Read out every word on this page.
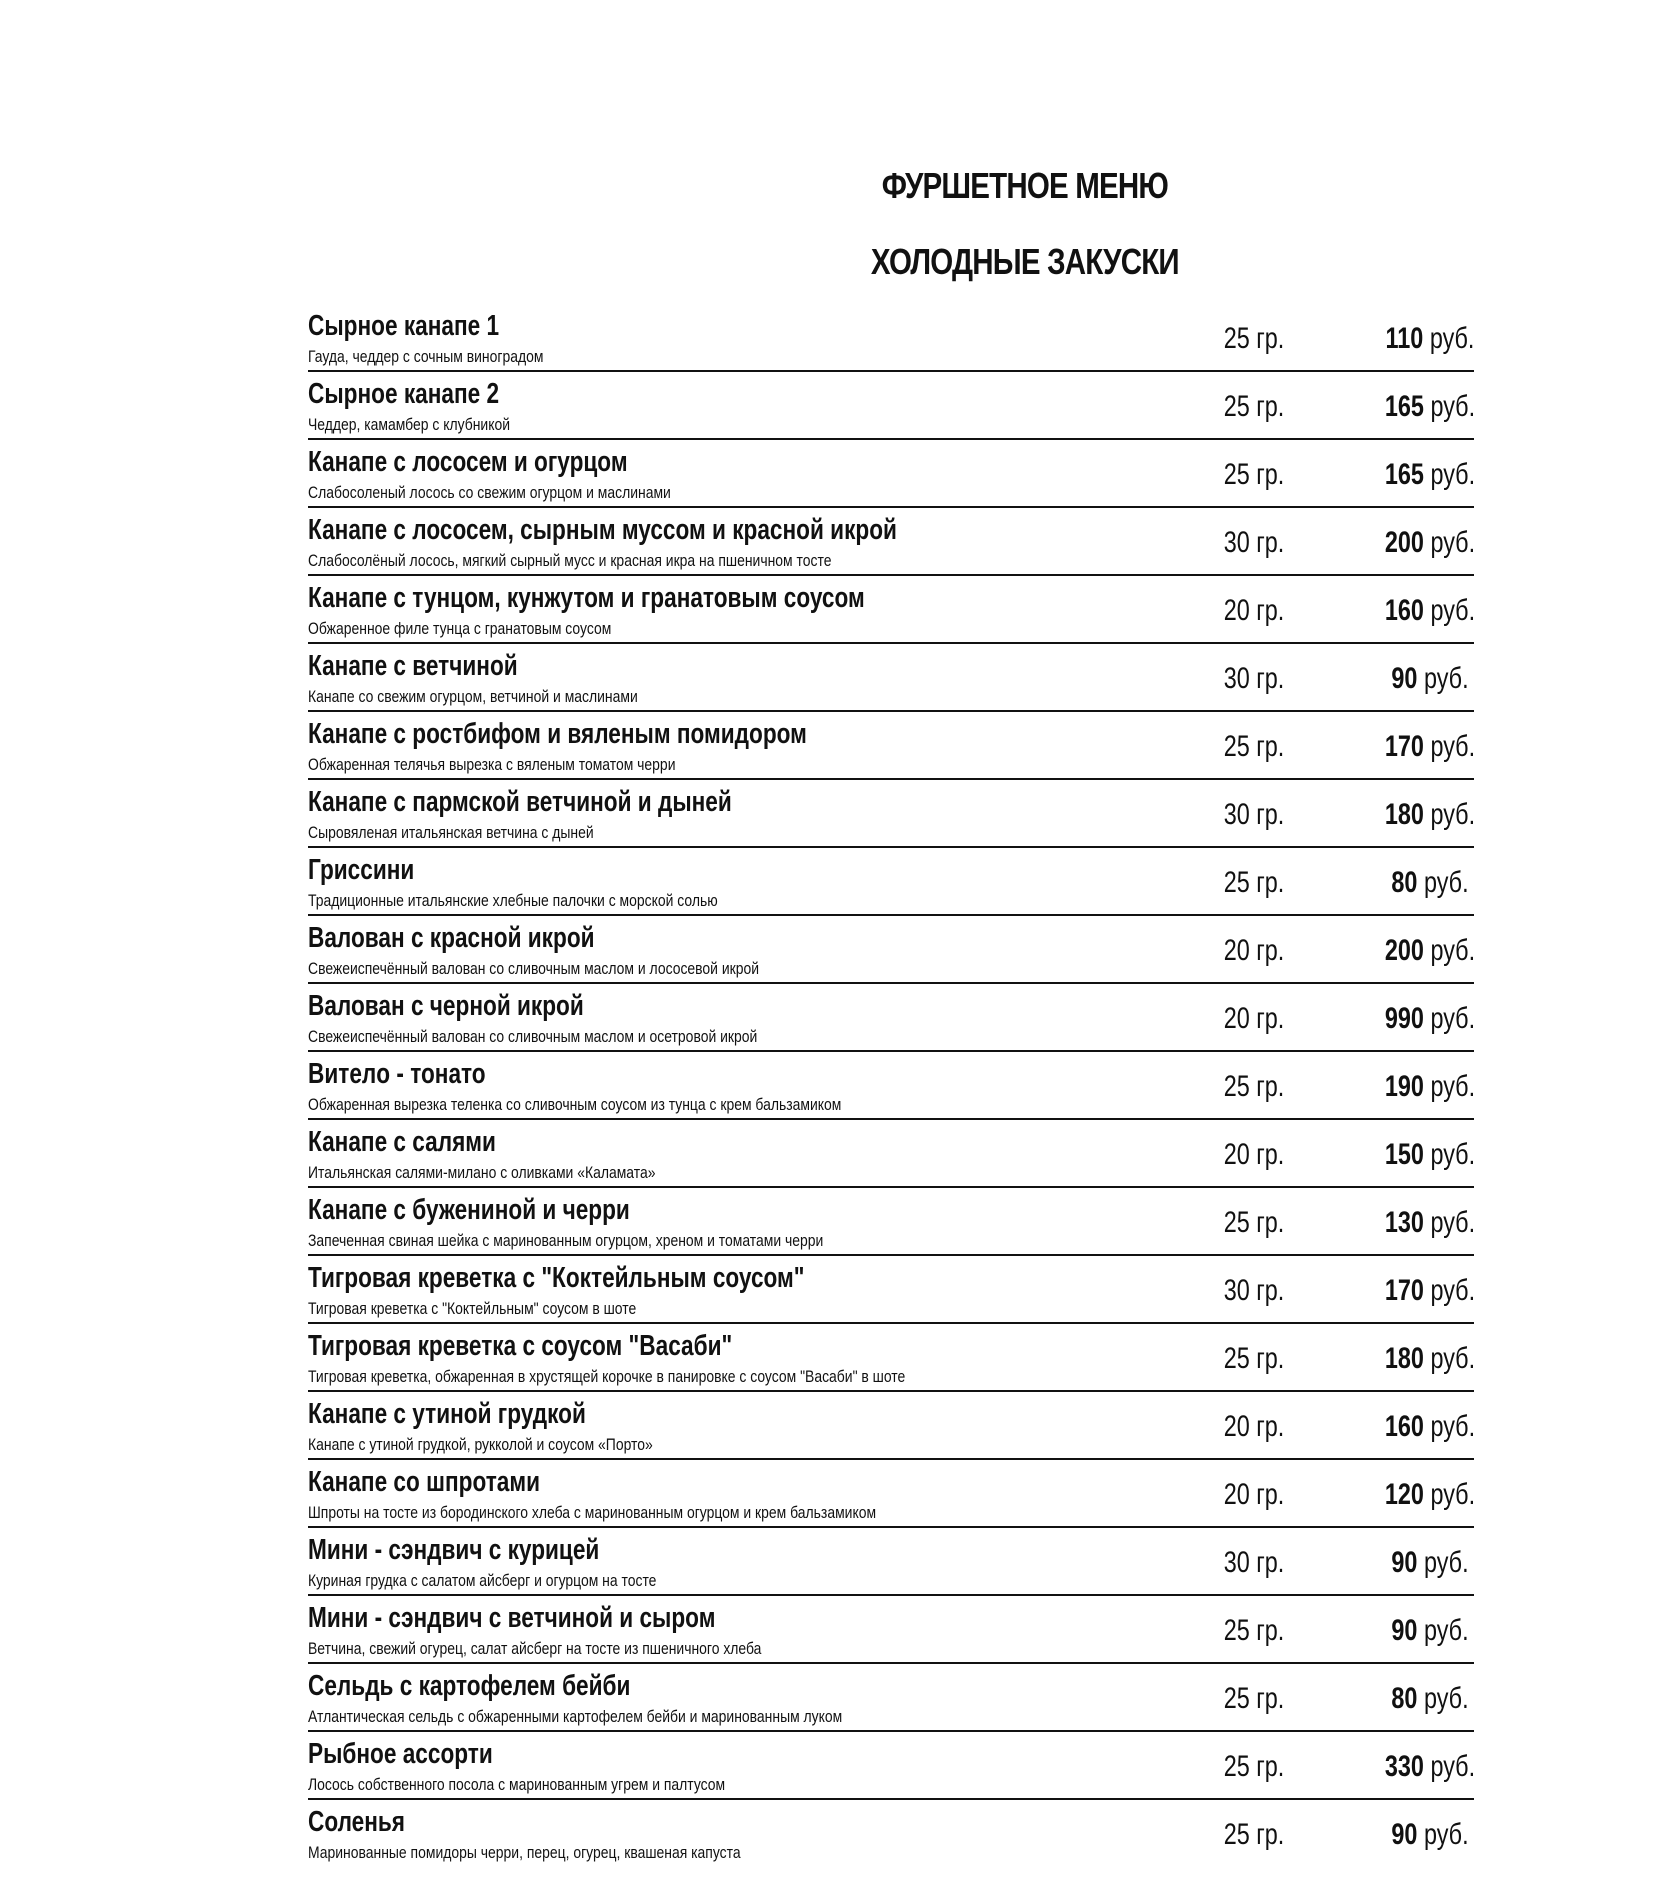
ФУРШЕТНОЕ МЕНЮ
ХОЛОДНЫЕ ЗАКУСКИ
Сырное канапе 1
Гауда, чеддер с сочным виноградом
25 гр.	110 руб.
Сырное канапе 2
Чеддер, камамбер с клубникой
25 гр.	165 руб.
Канапе с лососем и огурцом
Слабосоленый лосось со свежим огурцом и маслинами
25 гр.	165 руб.
Канапе с лососем, сырным муссом и красной икрой
Слабосолёный лосось, мягкий сырный мусс и красная икра на пшеничном тосте
30 гр.	200 руб.
Канапе с тунцом, кунжутом и гранатовым соусом
Обжаренное филе тунца с гранатовым соусом
20 гр.	160 руб.
Канапе с ветчиной
Канапе со свежим огурцом, ветчиной и маслинами
30 гр.	90 руб.
Канапе с ростбифом и вяленым помидором
Обжаренная телячья вырезка с вяленым томатом черри
25 гр.	170 руб.
Канапе с пармской ветчиной и дыней
Сыровяленая итальянская ветчина с дыней
30 гр.	180 руб.
Гриссини
Традиционные итальянские хлебные палочки с морской солью
25 гр.	80 руб.
Валован с красной икрой
Свежеиспечённый валован со сливочным маслом и лососевой икрой
20 гр.	200 руб.
Валован с черной икрой
Свежеиспечённый валован со сливочным маслом и осетровой икрой
20 гр.	990 руб.
Вителo - тонато
Обжаренная вырезка теленка со сливочным соусом из тунца с крем бальзамиком
25 гр.	190 руб.
Канапе с салями
Итальянская салями-милано с оливками «Каламата»
20 гр.	150 руб.
Канапе с бужениной и черри
Запеченная свиная шейка с маринованным огурцом, хреном и томатами черри
25 гр.	130 руб.
Тигровая креветка с "Коктейльным соусом"
Тигровая креветка с "Коктейльным" соусом в шоте
30 гр.	170 руб.
Тигровая креветка с соусом "Васаби"
Тигровая креветка, обжаренная в хрустящей корочке в панировке с соусом "Васаби" в шоте
25 гр.	180 руб.
Канапе с утиной грудкой
Канапе с утиной грудкой, рукколой и соусом «Порто»
20 гр.	160 руб.
Канапе со шпротами
Шпроты на тосте из бородинского хлеба с маринованным огурцом и крем бальзамиком
20 гр.	120 руб.
Мини - сэндвич с курицей
Куриная грудка с салатом айсберг и огурцом на тосте
30 гр.	90 руб.
Мини - сэндвич с ветчиной и сыром
Ветчина, свежий огурец, салат айсберг на тосте из пшеничного хлеба
25 гр.	90 руб.
Сельдь с картофелем бейби
Атлантическая сельдь с обжаренными картофелем бейби и маринованным луком
25 гр.	80 руб.
Рыбное ассорти
Лосось собственного посола с маринованным угрем и палтусом
25 гр.	330 руб.
Соленья
Маринованные помидоры черри, перец, огурец, квашеная капуста
25 гр.	90 руб.
